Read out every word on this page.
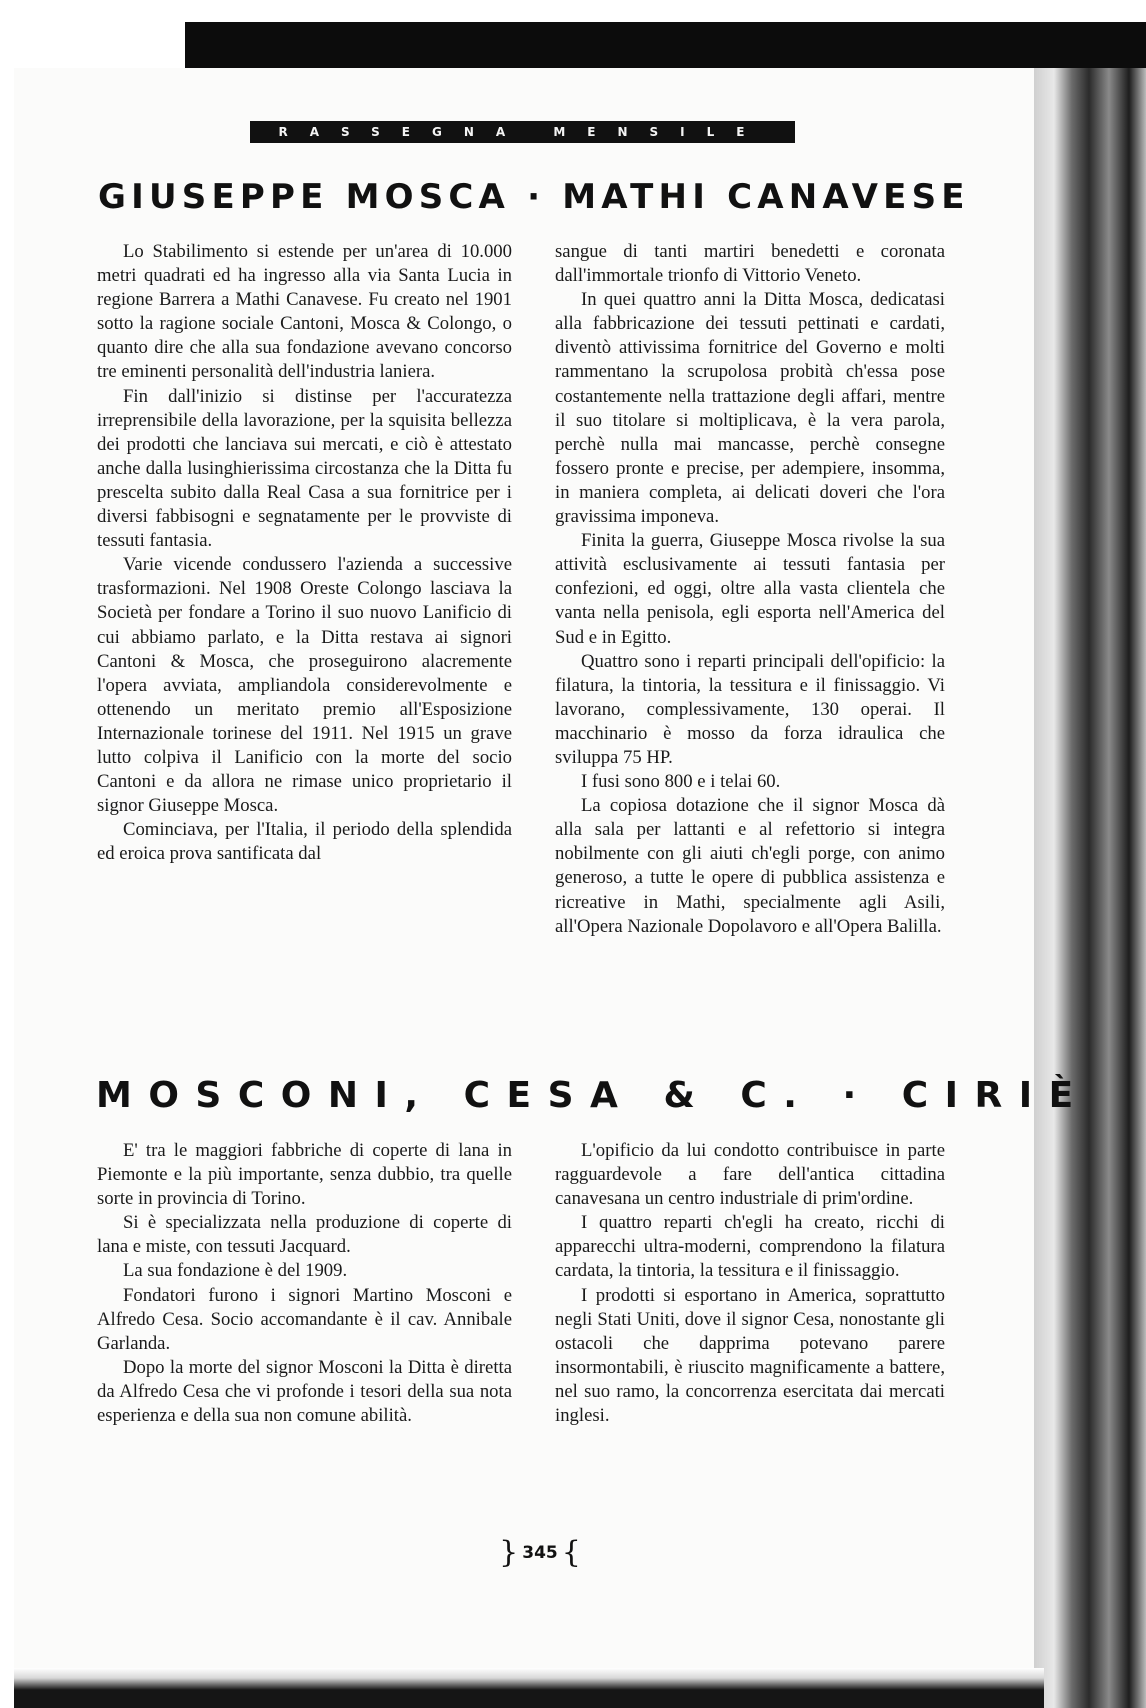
RASSEGNA MENSILE
GIUSEPPE MOSCA · MATHI CANAVESE

Lo Stabilimento si estende per un'area di 10.000 metri quadrati ed ha ingresso alla via Santa Lucia in regione Barrera a Mathi Canavese. Fu creato nel 1901 sotto la ragione sociale Cantoni, Mosca & Colongo, o quanto dire che alla sua fondazione avevano concorso tre eminenti personalità dell'industria laniera.

Fin dall'inizio si distinse per l'accuratezza irreprensibile della lavorazione, per la squisita bellezza dei prodotti che lanciava sui mercati, e ciò è attestato anche dalla lusinghierissima circostanza che la Ditta fu prescelta subito dalla Real Casa a sua fornitrice per i diversi fabbisogni e segnatamente per le provviste di tessuti fantasia.

Varie vicende condussero l'azienda a successive trasformazioni. Nel 1908 Oreste Colongo lasciava la Società per fondare a Torino il suo nuovo Lanificio di cui abbiamo parlato, e la Ditta restava ai signori Cantoni & Mosca, che proseguirono alacremente l'opera avviata, ampliandola considerevolmente e ottenendo un meritato premio all'Esposizione Internazionale torinese del 1911. Nel 1915 un grave lutto colpiva il Lanificio con la morte del socio Cantoni e da allora ne rimase unico proprietario il signor Giuseppe Mosca.

Cominciava, per l'Italia, il periodo della splendida ed eroica prova santificata dal

sangue di tanti martiri benedetti e coronata dall'immortale trionfo di Vittorio Veneto.

In quei quattro anni la Ditta Mosca, dedicatasi alla fabbricazione dei tessuti pettinati e cardati, diventò attivissima fornitrice del Governo e molti rammentano la scrupolosa probità ch'essa pose costantemente nella trattazione degli affari, mentre il suo titolare si moltiplicava, è la vera parola, perchè nulla mai mancasse, perchè consegne fossero pronte e precise, per adempiere, insomma, in maniera completa, ai delicati doveri che l'ora gravissima imponeva.

Finita la guerra, Giuseppe Mosca rivolse la sua attività esclusivamente ai tessuti fantasia per confezioni, ed oggi, oltre alla vasta clientela che vanta nella penisola, egli esporta nell'America del Sud e in Egitto.

Quattro sono i reparti principali dell'opificio: la filatura, la tintoria, la tessitura e il finissaggio. Vi lavorano, complessivamente, 130 operai. Il macchinario è mosso da forza idraulica che sviluppa 75 HP.

I fusi sono 800 e i telai 60.

La copiosa dotazione che il signor Mosca dà alla sala per lattanti e al refettorio si integra nobilmente con gli aiuti ch'egli porge, con animo generoso, a tutte le opere di pubblica assistenza e ricreative in Mathi, specialmente agli Asili, all'Opera Nazionale Dopolavoro e all'Opera Balilla.

MOSCONI, CESA & C. · CIRIÈ

E' tra le maggiori fabbriche di coperte di lana in Piemonte e la più importante, senza dubbio, tra quelle sorte in provincia di Torino.

Si è specializzata nella produzione di coperte di lana e miste, con tessuti Jacquard.

La sua fondazione è del 1909.

Fondatori furono i signori Martino Mosconi e Alfredo Cesa. Socio accomandante è il cav. Annibale Garlanda.

Dopo la morte del signor Mosconi la Ditta è diretta da Alfredo Cesa che vi profonde i tesori della sua nota esperienza e della sua non comune abilità.

L'opificio da lui condotto contribuisce in parte ragguardevole a fare dell'antica cittadina canavesana un centro industriale di prim'ordine.

I quattro reparti ch'egli ha creato, ricchi di apparecchi ultra-moderni, comprendono la filatura cardata, la tintoria, la tessitura e il finissaggio.

I prodotti si esportano in America, soprattutto negli Stati Uniti, dove il signor Cesa, nonostante gli ostacoli che dapprima potevano parere insormontabili, è riuscito magnificamente a battere, nel suo ramo, la concorrenza esercitata dai mercati inglesi.

} 345 {
